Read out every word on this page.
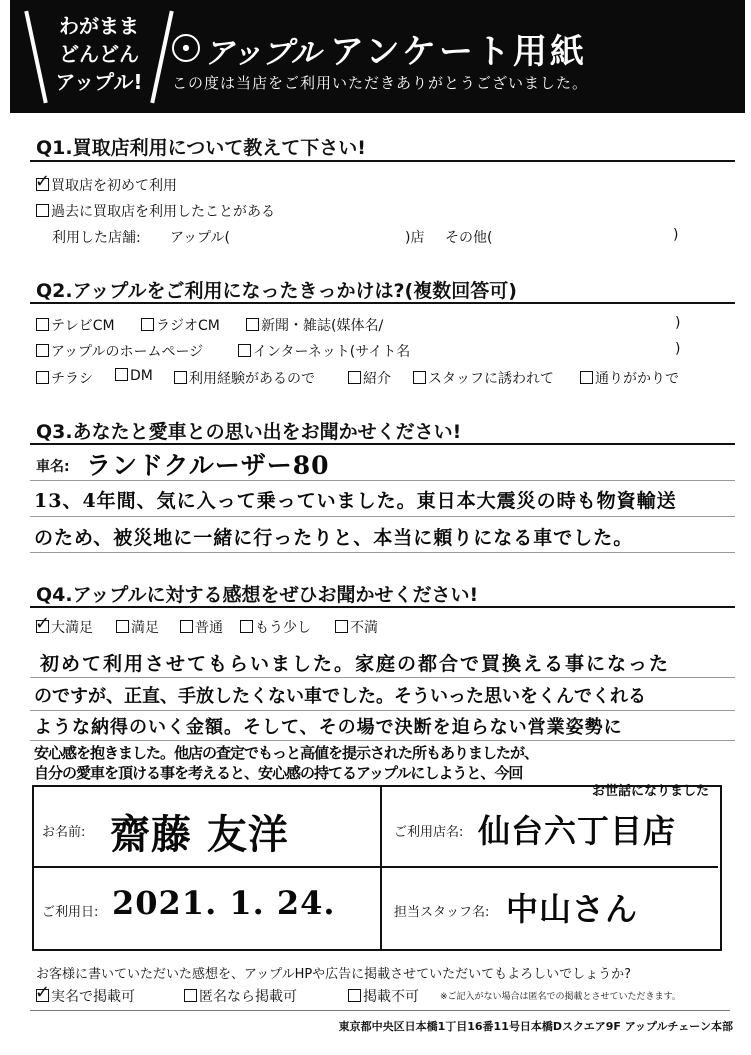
わがまま
どんどん
アップル!
● アップル アンケート用紙
この度は当店をご利用いただきありがとうございました。
Q1.買取店利用について教えて下さい!
✓買取店を初めて利用
過去に買取店を利用したことがある
利用した店舗: アップル(	)店 その他(	)
Q2.アップルをご利用になったきっかけは?(複数回答可)
テレビCM	ラジオCM	新聞・雑誌(媒体名/	)
アップルのホームページ	インターネット(サイト名	)
チラシ	DM	利用経験があるので	紹介	スタッフに誘われて	通りがかりで
Q3.あなたと愛車との思い出をお聞かせください!
車名: ランドクルーザー80
13、4年間、気に入って乗っていました。東日本大震災の時も物資輸送
のため、被災地に一緒に行ったりと、本当に頼りになる車でした。
Q4.アップルに対する感想をぜひお聞かせください!
✓大満足	満足	普通	もう少し	不満
初めて利用させてもらいました。家庭の都合で買換える事になった
のですが、正直、手放したくない車でした。そういった思いをくんでくれる
ような納得のいく金額。そして、その場で決断を迫らない営業姿勢に
安心感を抱きました。他店の査定でもっと高値を提示された所もありましたが、
自分の愛車を頂ける事を考えると、安心感の持てるアップルにしようと、今回
お世話になりました
お名前: 齋藤 友洋	ご利用店名: 仙台六丁目店
ご利用日: 2021. 1. 24.	担当スタッフ名: 中山さん
お客様に書いていただいた感想を、アップルHPや広告に掲載させていただいてもよろしいでしょうか?
✓実名で掲載可	匿名なら掲載可	掲載不可 ※ご記入がない場合は匿名での掲載とさせていただきます。
東京都中央区日本橋1丁目16番11号日本橋Dスクエア9F アップルチェーン本部
